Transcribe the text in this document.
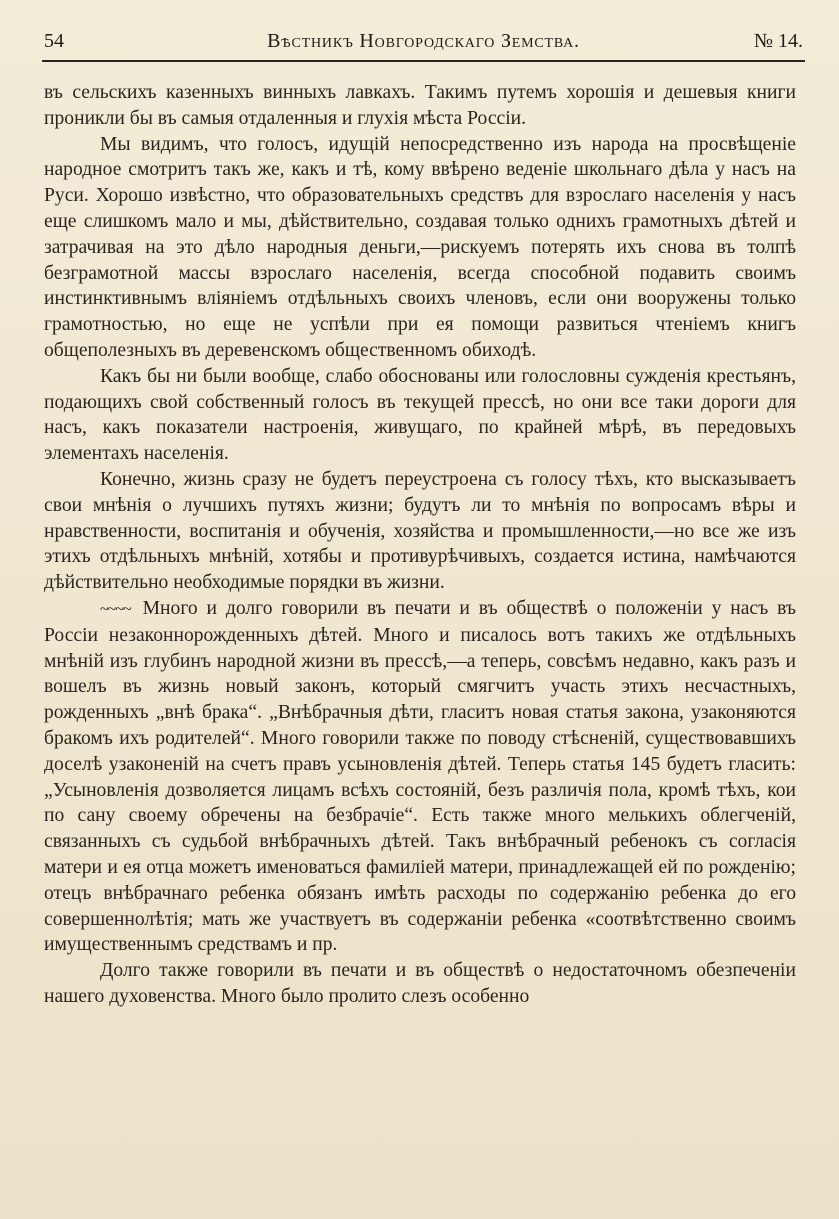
54	Вѣстникъ Новгородскаго Земства.	№ 14.

въ сельскихъ казенныхъ винныхъ лавкахъ. Такимъ путемъ хорошія и дешевыя книги проникли бы въ самыя отдаленныя и глухія мѣста Россіи.

Мы видимъ, что голосъ, идущій непосредственно изъ народа на просвѣщеніе народное смотритъ такъ же, какъ и тѣ, кому ввѣрено веденіе школьнаго дѣла у насъ на Руси. Хорошо извѣстно, что образовательныхъ средствъ для взрослаго населенія у насъ еще слишкомъ мало и мы, дѣйствительно, создавая только однихъ грамотныхъ дѣтей и затрачивая на это дѣло народныя деньги,—рискуемъ потерять ихъ снова въ толпѣ безграмотной массы взрослаго населенія, всегда способной подавить своимъ инстинктивнымъ вліяніемъ отдѣльныхъ своихъ членовъ, если они вооружены только грамотностью, но еще не успѣли при ея помощи развиться чтеніемъ книгъ общеполезныхъ въ деревенскомъ общественномъ обиходѣ.

Какъ бы ни были вообще, слабо обоснованы или голословны сужденія крестьянъ, подающихъ свой собственный голосъ въ текущей прессѣ, но они все таки дороги для насъ, какъ показатели настроенія, живущаго, по крайней мѣрѣ, въ передовыхъ элементахъ населенія.

Конечно, жизнь сразу не будетъ переустроена съ голосу тѣхъ, кто высказываетъ свои мнѣнія о лучшихъ путяхъ жизни; будутъ ли то мнѣнія по вопросамъ вѣры и нравственности, воспитанія и обученія, хозяйства и промышленности,—но все же изъ этихъ отдѣльныхъ мнѣній, хотябы и противурѣчивыхъ, создается истина, намѣчаются дѣйствительно необходимые порядки въ жизни.

~~~~ Много и долго говорили въ печати и въ обществѣ о положеніи у насъ въ Россіи незаконнорожденныхъ дѣтей. Много и писалось вотъ такихъ же отдѣльныхъ мнѣній изъ глубинъ народной жизни въ прессѣ,—а теперь, совсѣмъ недавно, какъ разъ и вошелъ въ жизнь новый законъ, который смягчитъ участь этихъ несчастныхъ, рожденныхъ „внѣ брака“. „Внѣбрачныя дѣти, гласитъ новая статья закона, узаконяются бракомъ ихъ родителей“. Много говорили также по поводу стѣсненій, существовавшихъ доселѣ узаконеній на счетъ правъ усыновленія дѣтей. Теперь статья 145 будетъ гласить: „Усыновленія дозволяется лицамъ всѣхъ состояній, безъ различія пола, кромѣ тѣхъ, кои по сану своему обречены на безбрачіе“. Есть также много мелькихъ облегченій, связанныхъ съ судьбой внѣбрачныхъ дѣтей. Такъ внѣбрачный ребенокъ съ согласія матери и ея отца можетъ именоваться фамиліей матери, принадлежащей ей по рожденію; отецъ внѣбрачнаго ребенка обязанъ имѣть расходы по содержанію ребенка до его совершеннолѣтія; мать же участвуетъ въ содержаніи ребенка «соотвѣтственно своимъ имущественнымъ средствамъ и пр.

Долго также говорили въ печати и въ обществѣ о недостаточномъ обезпеченіи нашего духовенства. Много было пролито слезъ особенно
